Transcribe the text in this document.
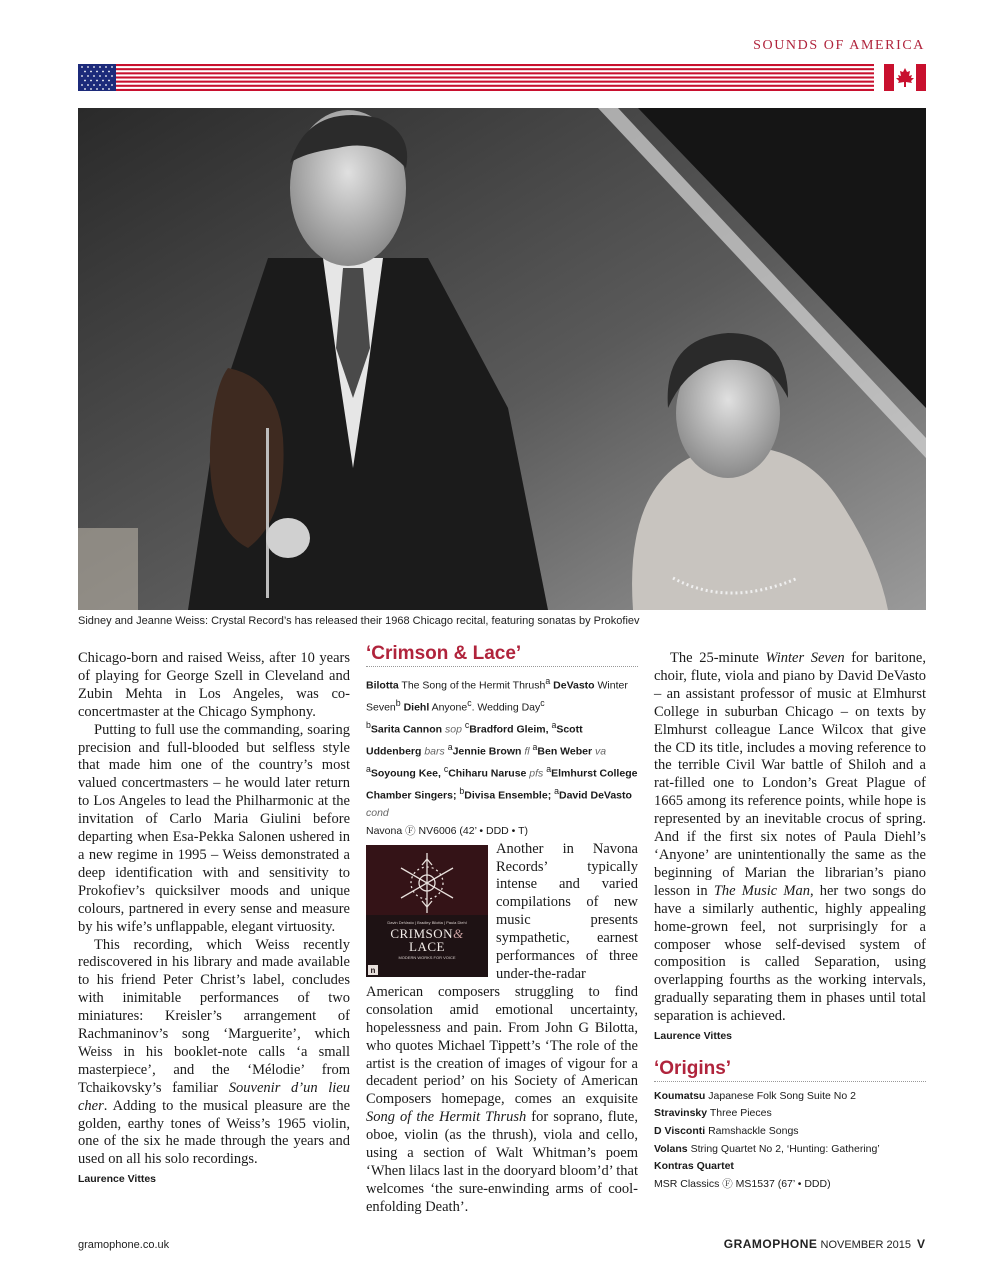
SOUNDS OF AMERICA
Sidney and Jeanne Weiss: Crystal Record’s has released their 1968 Chicago recital, featuring sonatas by Prokofiev

Chicago-born and raised Weiss, after 10 years of playing for George Szell in Cleveland and Zubin Mehta in Los Angeles, was co-concertmaster at the Chicago Symphony.

Putting to full use the commanding, soaring precision and full-blooded but selfless style that made him one of the country’s most valued concertmasters – he would later return to Los Angeles to lead the Philharmonic at the invitation of Carlo Maria Giulini before departing when Esa-Pekka Salonen ushered in a new regime in 1995 – Weiss demonstrated a deep identification with and sensitivity to Prokofiev’s quicksilver moods and unique colours, partnered in every sense and measure by his wife’s unflappable, elegant virtuosity.

This recording, which Weiss recently rediscovered in his library and made available to his friend Peter Christ’s label, concludes with inimitable performances of two miniatures: Kreisler’s arrangement of Rachmaninov’s song ‘Marguerite’, which Weiss in his booklet-note calls ‘a small masterpiece’, and the ‘Mélodie’ from Tchaikovsky’s familiar Souvenir d’un lieu cher. Adding to the musical pleasure are the golden, earthy tones of Weiss’s 1965 violin, one of the six he made through the years and used on all his solo recordings.

Laurence Vittes
‘Crimson & Lace’
Bilotta The Song of the Hermit Thrush$^a$ DeVasto Winter Seven$^b$ Diehl Anyone$^c$. Wedding Day$^c$
$^b$Sarita Cannon sop $^c$Bradford Gleim, $^a$Scott Uddenberg bars $^a$Jennie Brown fl $^a$Ben Weber va $^a$Soyoung Kee, $^c$Chiharu Naruse pfs $^a$Elmhurst College Chamber Singers; $^b$Divisa Ensemble; $^a$David DeVasto cond
Navona Ⓕ NV6006 (42’ • DDD • T)
Davin DeVasto | Bradley Bilotta | Paula Diehl
CRIMSON&
LACE
MODERN WORKS FOR VOICE
n

Another in Navona Records’ typically intense and varied compilations of new music presents sympathetic, earnest performances of three under-the-radar American composers struggling to find consolation amid emotional uncertainty, hopelessness and pain. From John G Bilotta, who quotes Michael Tippett’s ‘The role of the artist is the creation of images of vigour for a decadent period’ on his Society of American Composers homepage, comes an exquisite Song of the Hermit Thrush for soprano, flute, oboe, violin (as the thrush), viola and cello, using a section of Walt Whitman’s poem ‘When lilacs last in the dooryard bloom’d’ that welcomes ‘the sure-enwinding arms of cool-enfolding Death’.

The 25-minute Winter Seven for baritone, choir, flute, viola and piano by David DeVasto – an assistant professor of music at Elmhurst College in suburban Chicago – on texts by Elmhurst colleague Lance Wilcox that give the CD its title, includes a moving reference to the terrible Civil War battle of Shiloh and a rat-filled one to London’s Great Plague of 1665 among its reference points, while hope is represented by an inevitable crocus of spring. And if the first six notes of Paula Diehl’s ‘Anyone’ are unintentionally the same as the beginning of Marian the librarian’s piano lesson in The Music Man, her two songs do have a similarly authentic, highly appealing home-grown feel, not surprisingly for a composer whose self-devised system of composition is called Separation, using overlapping fourths as the working intervals, gradually separating them in phases until total separation is achieved.

Laurence Vittes
‘Origins’
Koumatsu Japanese Folk Song Suite No 2
Stravinsky Three Pieces
D Visconti Ramshackle Songs
Volans String Quartet No 2, ‘Hunting: Gathering’
Kontras Quartet
MSR Classics Ⓕ MS1537 (67’ • DDD)
gramophone.co.uk	GRAMOPHONE NOVEMBER 2015 V
